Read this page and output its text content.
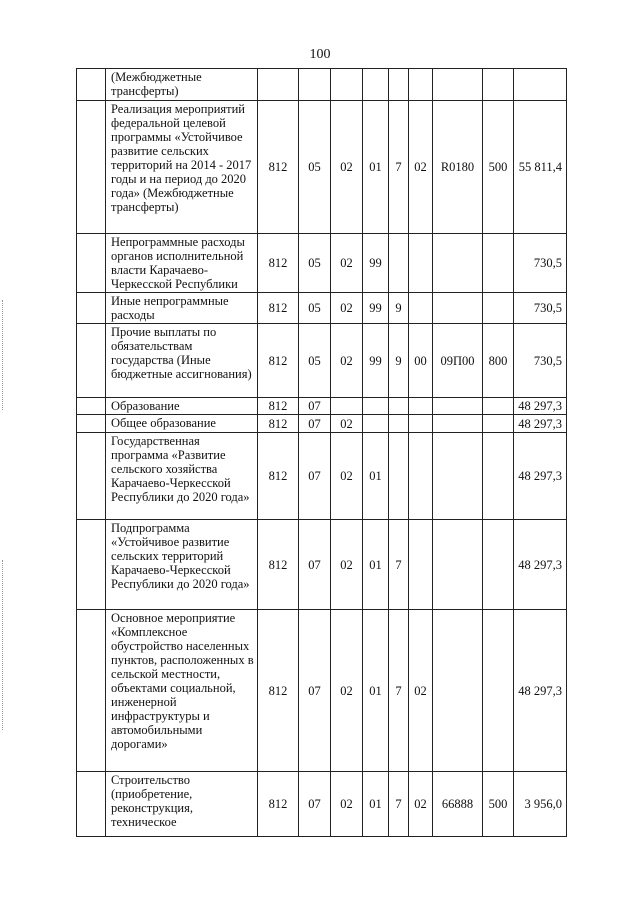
100
	(Межбюджетные трансферты)									
	Реализация мероприятий федеральной целевой программы «Устойчивое развитие сельских территорий на 2014 - 2017 годы и на период до 2020 года» (Межбюджетные трансферты)	812	05	02	01	7	02	R0180	500	55 811,4
	Непрограммные расходы органов исполнительной власти Карачаево-Черкесской Республики	812	05	02	99					730,5
	Иные непрограммные расходы	812	05	02	99	9				730,5
	Прочие выплаты по обязательствам государства (Иные бюджетные ассигнования)	812	05	02	99	9	00	09П00	800	730,5
	Образование	812	07							48 297,3
	Общее образование	812	07	02						48 297,3
	Государственная программа «Развитие сельского хозяйства Карачаево-Черкесской Республики до 2020 года»	812	07	02	01					48 297,3
	Подпрограмма «Устойчивое развитие сельских территорий Карачаево-Черкесской Республики до 2020 года»	812	07	02	01	7				48 297,3
	Основное мероприятие «Комплексное обустройство населенных пунктов, расположенных в сельской местности, объектами социальной, инженерной инфраструктуры и автомобильными дорогами»	812	07	02	01	7	02			48 297,3
	Строительство (приобретение, реконструкция, техническое	812	07	02	01	7	02	66888	500	3 956,0
